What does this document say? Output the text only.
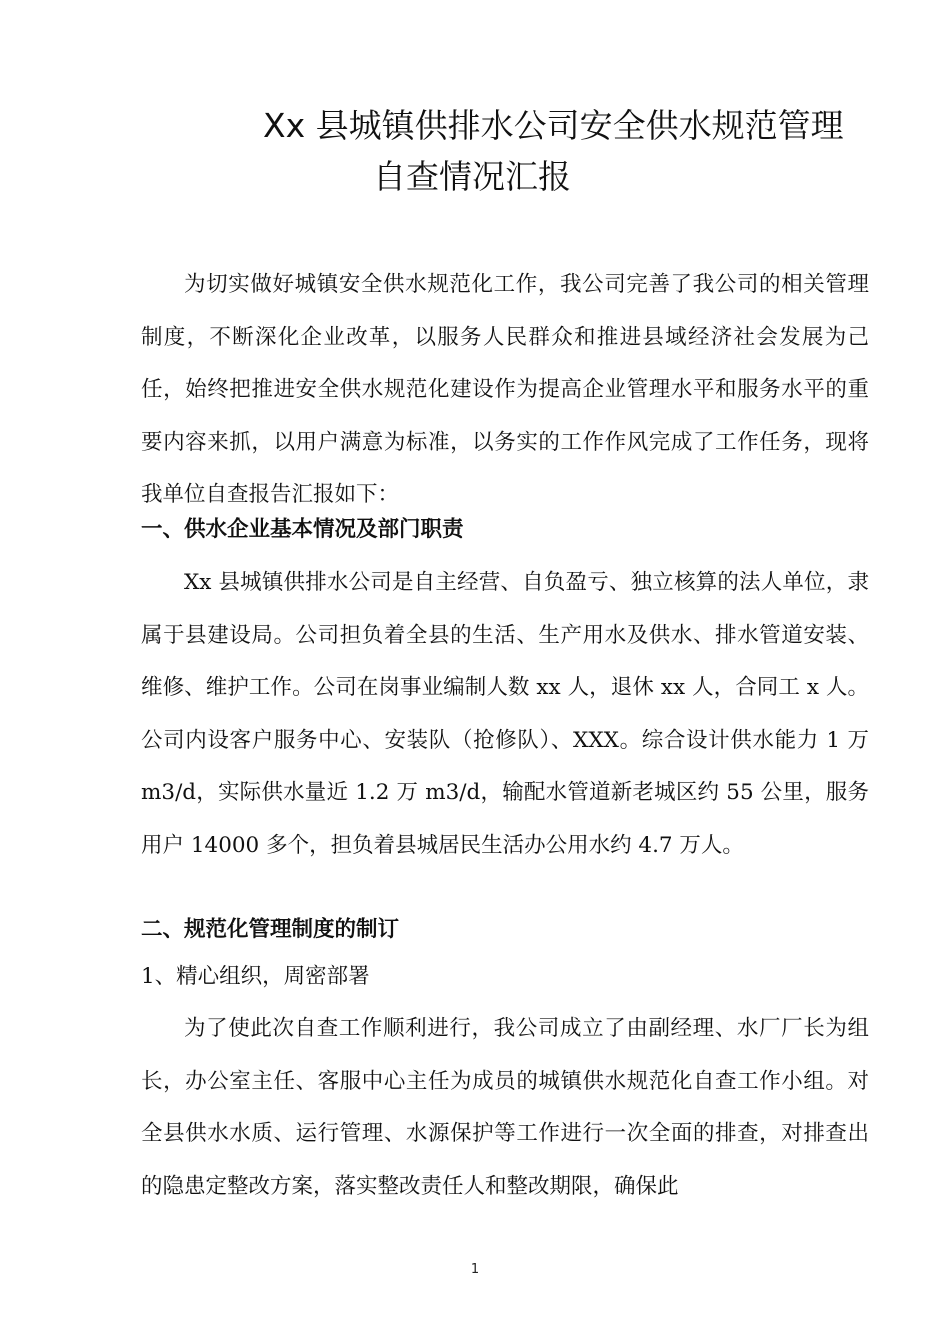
Xx 县城镇供排水公司安全供水规范管理
自查情况汇报

为切实做好城镇安全供水规范化工作，我公司完善了我公司的相关管理制度，不断深化企业改革，以服务人民群众和推进县域经济社会发展为己任，始终把推进安全供水规范化建设作为提高企业管理水平和服务水平的重要内容来抓，以用户满意为标准，以务实的工作作风完成了工作任务，现将我单位自查报告汇报如下：

一、供水企业基本情况及部门职责

Xx 县城镇供排水公司是自主经营、自负盈亏、独立核算的法人单位，隶属于县建设局。公司担负着全县的生活、生产用水及供水、排水管道安装、维修、维护工作。公司在岗事业编制人数 xx 人，退休 xx 人，合同工 x 人。公司内设客户服务中心、安装队（抢修队）、XXX。综合设计供水能力 1 万 m3/d，实际供水量近 1.2 万 m3/d，输配水管道新老城区约 55 公里，服务用户 14000 多个，担负着县城居民生活办公用水约 4.7 万人。

二、规范化管理制度的制订
1、精心组织，周密部署

为了使此次自查工作顺利进行，我公司成立了由副经理、水厂厂长为组长，办公室主任、客服中心主任为成员的城镇供水规范化自查工作小组。对全县供水水质、运行管理、水源保护等工作进行一次全面的排查，对排查出的隐患定整改方案，落实整改责任人和整改期限，确保此

1
